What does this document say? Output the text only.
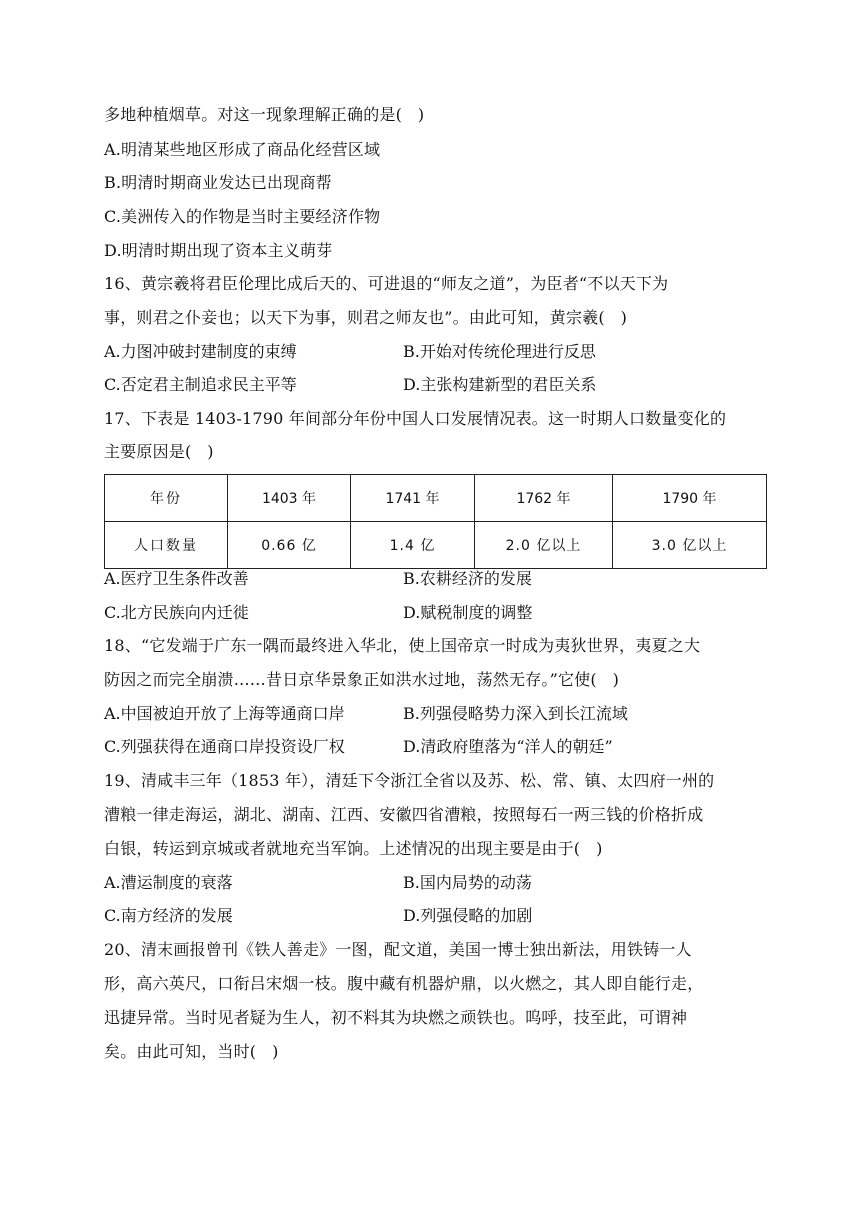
多地种植烟草。对这一现象理解正确的是(   )
A.明清某些地区形成了商品化经营区域
B.明清时期商业发达已出现商帮
C.美洲传入的作物是当时主要经济作物
D.明清时期出现了资本主义萌芽
16、黄宗羲将君臣伦理比成后天的、可进退的“师友之道”，为臣者“不以天下为
事，则君之仆妾也；以天下为事，则君之师友也”。由此可知，黄宗羲(   )
A.力图冲破封建制度的束缚	B.开始对传统伦理进行反思
C.否定君主制追求民主平等	D.主张构建新型的君臣关系
17、下表是 1403-1790 年间部分年份中国人口发展情况表。这一时期人口数量变化的
主要原因是(   )
年份	1403 年	1741 年	1762 年	1790 年
人口数量	0.66 亿	1.4 亿	2.0 亿以上	3.0 亿以上
A.医疗卫生条件改善	B.农耕经济的发展
C.北方民族向内迁徙	D.赋税制度的调整
18、“它发端于广东一隅而最终进入华北，使上国帝京一时成为夷狄世界，夷夏之大
防因之而完全崩溃……昔日京华景象正如洪水过地，荡然无存。”它使(   )
A.中国被迫开放了上海等通商口岸	B.列强侵略势力深入到长江流域
C.列强获得在通商口岸投资设厂权	D.清政府堕落为“洋人的朝廷”
19、清咸丰三年（1853 年），清廷下令浙江全省以及苏、松、常、镇、太四府一州的
漕粮一律走海运，湖北、湖南、江西、安徽四省漕粮，按照每石一两三钱的价格折成
白银，转运到京城或者就地充当军饷。上述情况的出现主要是由于(   )
A.漕运制度的衰落	B.国内局势的动荡
C.南方经济的发展	D.列强侵略的加剧
20、清末画报曾刊《铁人善走》一图，配文道，美国一博士独出新法，用铁铸一人
形，高六英尺，口衔吕宋烟一枝。腹中藏有机器炉鼎，以火燃之，其人即自能行走，
迅捷异常。当时见者疑为生人，初不料其为块燃之顽铁也。呜呼，技至此，可谓神
矣。由此可知，当时(   )
